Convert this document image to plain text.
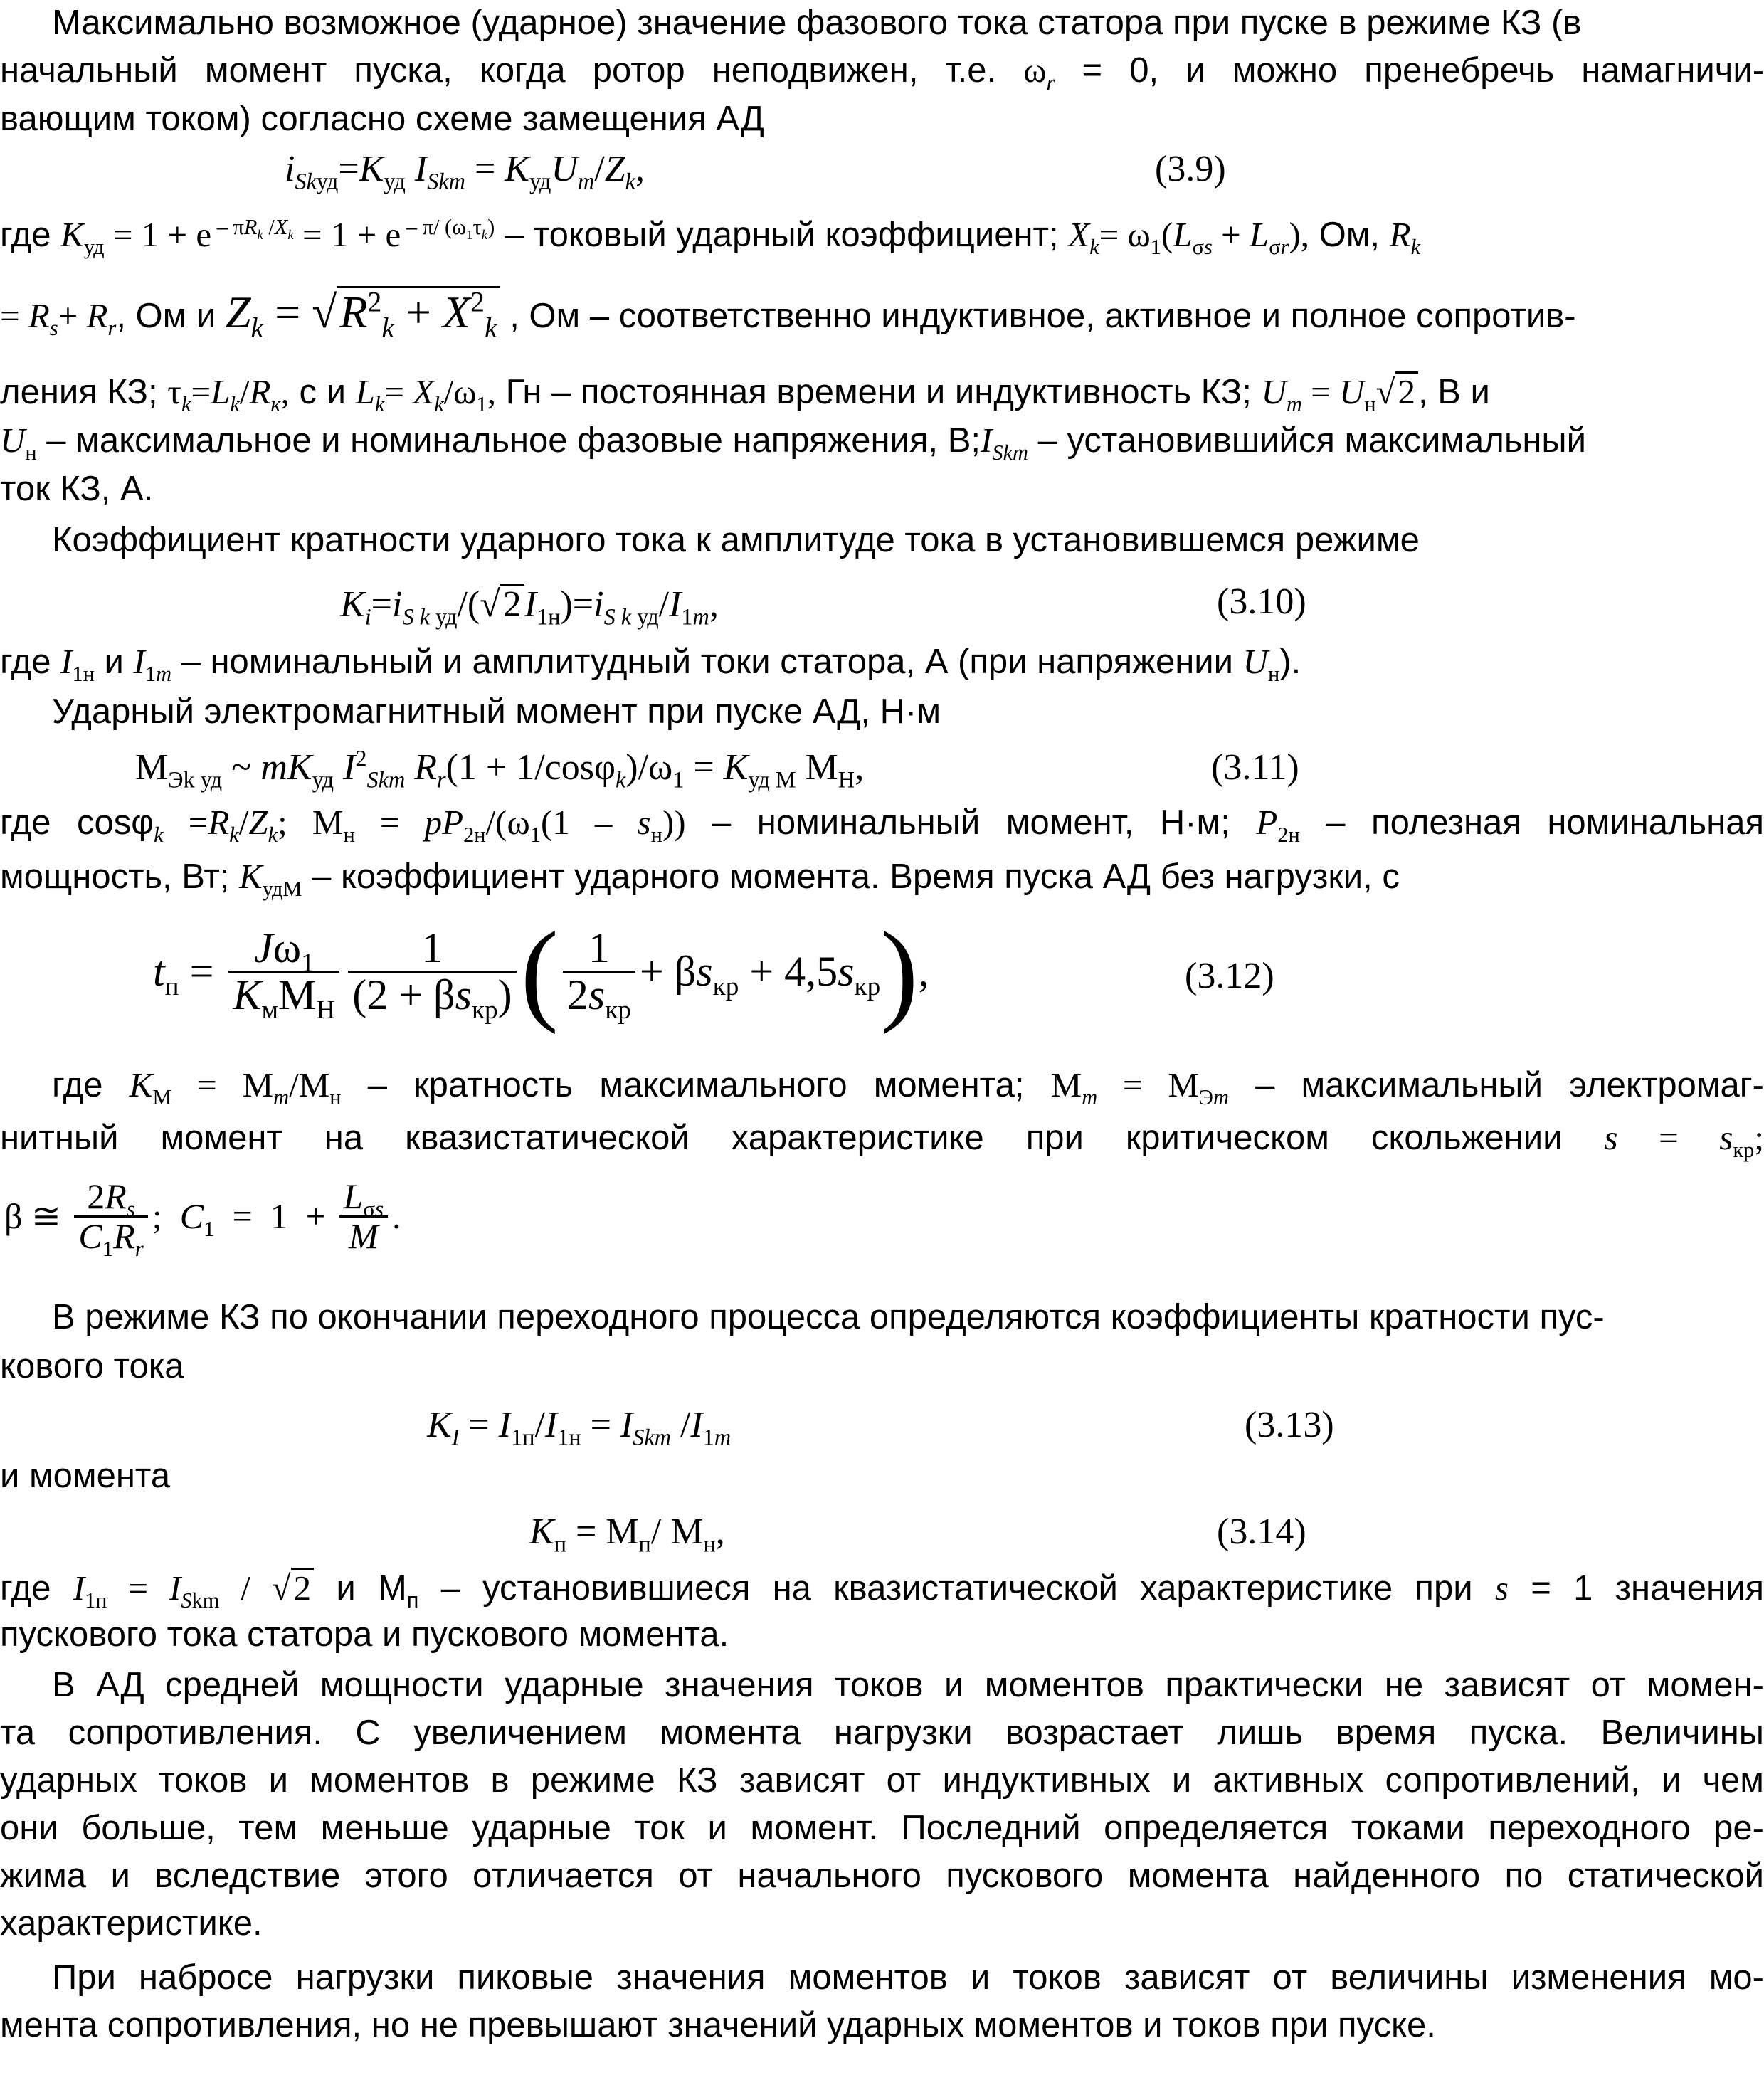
Максимально возможное (ударное) значение фазового тока статора при пуске в режиме КЗ (в
начальный момент пуска, когда ротор неподвижен, т.е. $\omega_r = 0$, и можно пренебречь намагничи-
вающим током) согласно схеме замещения АД
$i_{Skуд}=K_{уд}$ $I_{Skm} = K_{уд}U_m/Z_k$,	(3.9)
где $K_{уд} = 1 + e$ $^{- \pi R_k /X_k}$ = 1 + e $^{- \pi/ (\omega_1\tau_k)}$ – токовый ударный коэффициент; $X_k= \omega_1(L_{\sigma s} + L_{\sigma r})$, Ом, $R_k$
= $R_s+ R_r$, Ом и $Z_k = √R^2_k + X^2_k$ , Ом – соответственно индуктивное, активное и полное сопротив-
ления КЗ; $\tau_k=L_k/R_к$, с и $L_k= X_k/\omega_1$, Гн – постоянная времени и индуктивность КЗ; $U_m = U_н√2$, В и
$U_н$ – максимальное и номинальное фазовые напряжения, $В;I_{Skm}$ – установившийся максимальный
ток КЗ, А.
Коэффициент кратности ударного тока к амплитуде тока в установившемся режиме
$K_i=i_{S k уд}/(√2I_{1н})=i_{S k уд}/I_{1m}$,	(3.10)
где $I_{1н}$ и $I_{1m}$ – номинальный и амплитудный токи статора, А (при напряжении $U_н$).
Ударный электромагнитный момент при пуске АД, Н·м
$М_{Эk уд}$ ~ $mK_{уд}$ $I^2_{Skm}$ $R_r(1 + 1/\cos\varphi_k)/\omega_1 = K_{уд М}$ $М_Н$,	(3.11)
где $\cos\varphi_k =R_k/Z_k$; $М_н = pP_{2н}/(\omega_1(1 - s_н))$ – номинальный момент, Н·м; $P_{2н}$ – полезная номинальная
мощность, Вт; $K_{удМ}$ – коэффициент ударного момента. Время пуска АД без нагрузки, с
$t_п = \frac{J\omega_1}{K_мМ_Н} \frac{1}{(2 + \beta s_{кр})}$ ( $\frac{1}{2s_{кр}} + \beta s_{кр} + 4,5s_{кр}$),	(3.12)
где $K_М = М_m/М_н$ – кратность максимального момента; $М_m = М_{Эm}$ – максимальный электромаг-
нитный момент на квазистатической характеристике при критическом скольжении $s = s_{кр}$;
β ≅ $\frac{2R_s}{C_1R_r}$ ;  $C_1 = 1 + \frac{L_{\sigma s}}{M}$ .
В режиме КЗ по окончании переходного процесса определяются коэффициенты кратности пус-
кового тока
$K_I = I_{1п}/I_{1н} = I_{Skm}$ $/I_{1m}$	(3.13)
и момента
$K_п = М_п/$ $М_н$,	(3.14)
где $I_{1п} = I_{Skm} / √2$ и $М_п$ – установившиеся на квазистатической характеристике при s = 1 значения
пускового тока статора и пускового момента.
В АД средней мощности ударные значения токов и моментов практически не зависят от момен-
та сопротивления. С увеличением момента нагрузки возрастает лишь время пуска. Величины
ударных токов и моментов в режиме КЗ зависят от индуктивных и активных сопротивлений, и чем
они больше, тем меньше ударные ток и момент. Последний определяется токами переходного ре-
жима и вследствие этого отличается от начального пускового момента найденного по статической
характеристике.
При набросе нагрузки пиковые значения моментов и токов зависят от величины изменения мо-
мента сопротивления, но не превышают значений ударных моментов и токов при пуске.
